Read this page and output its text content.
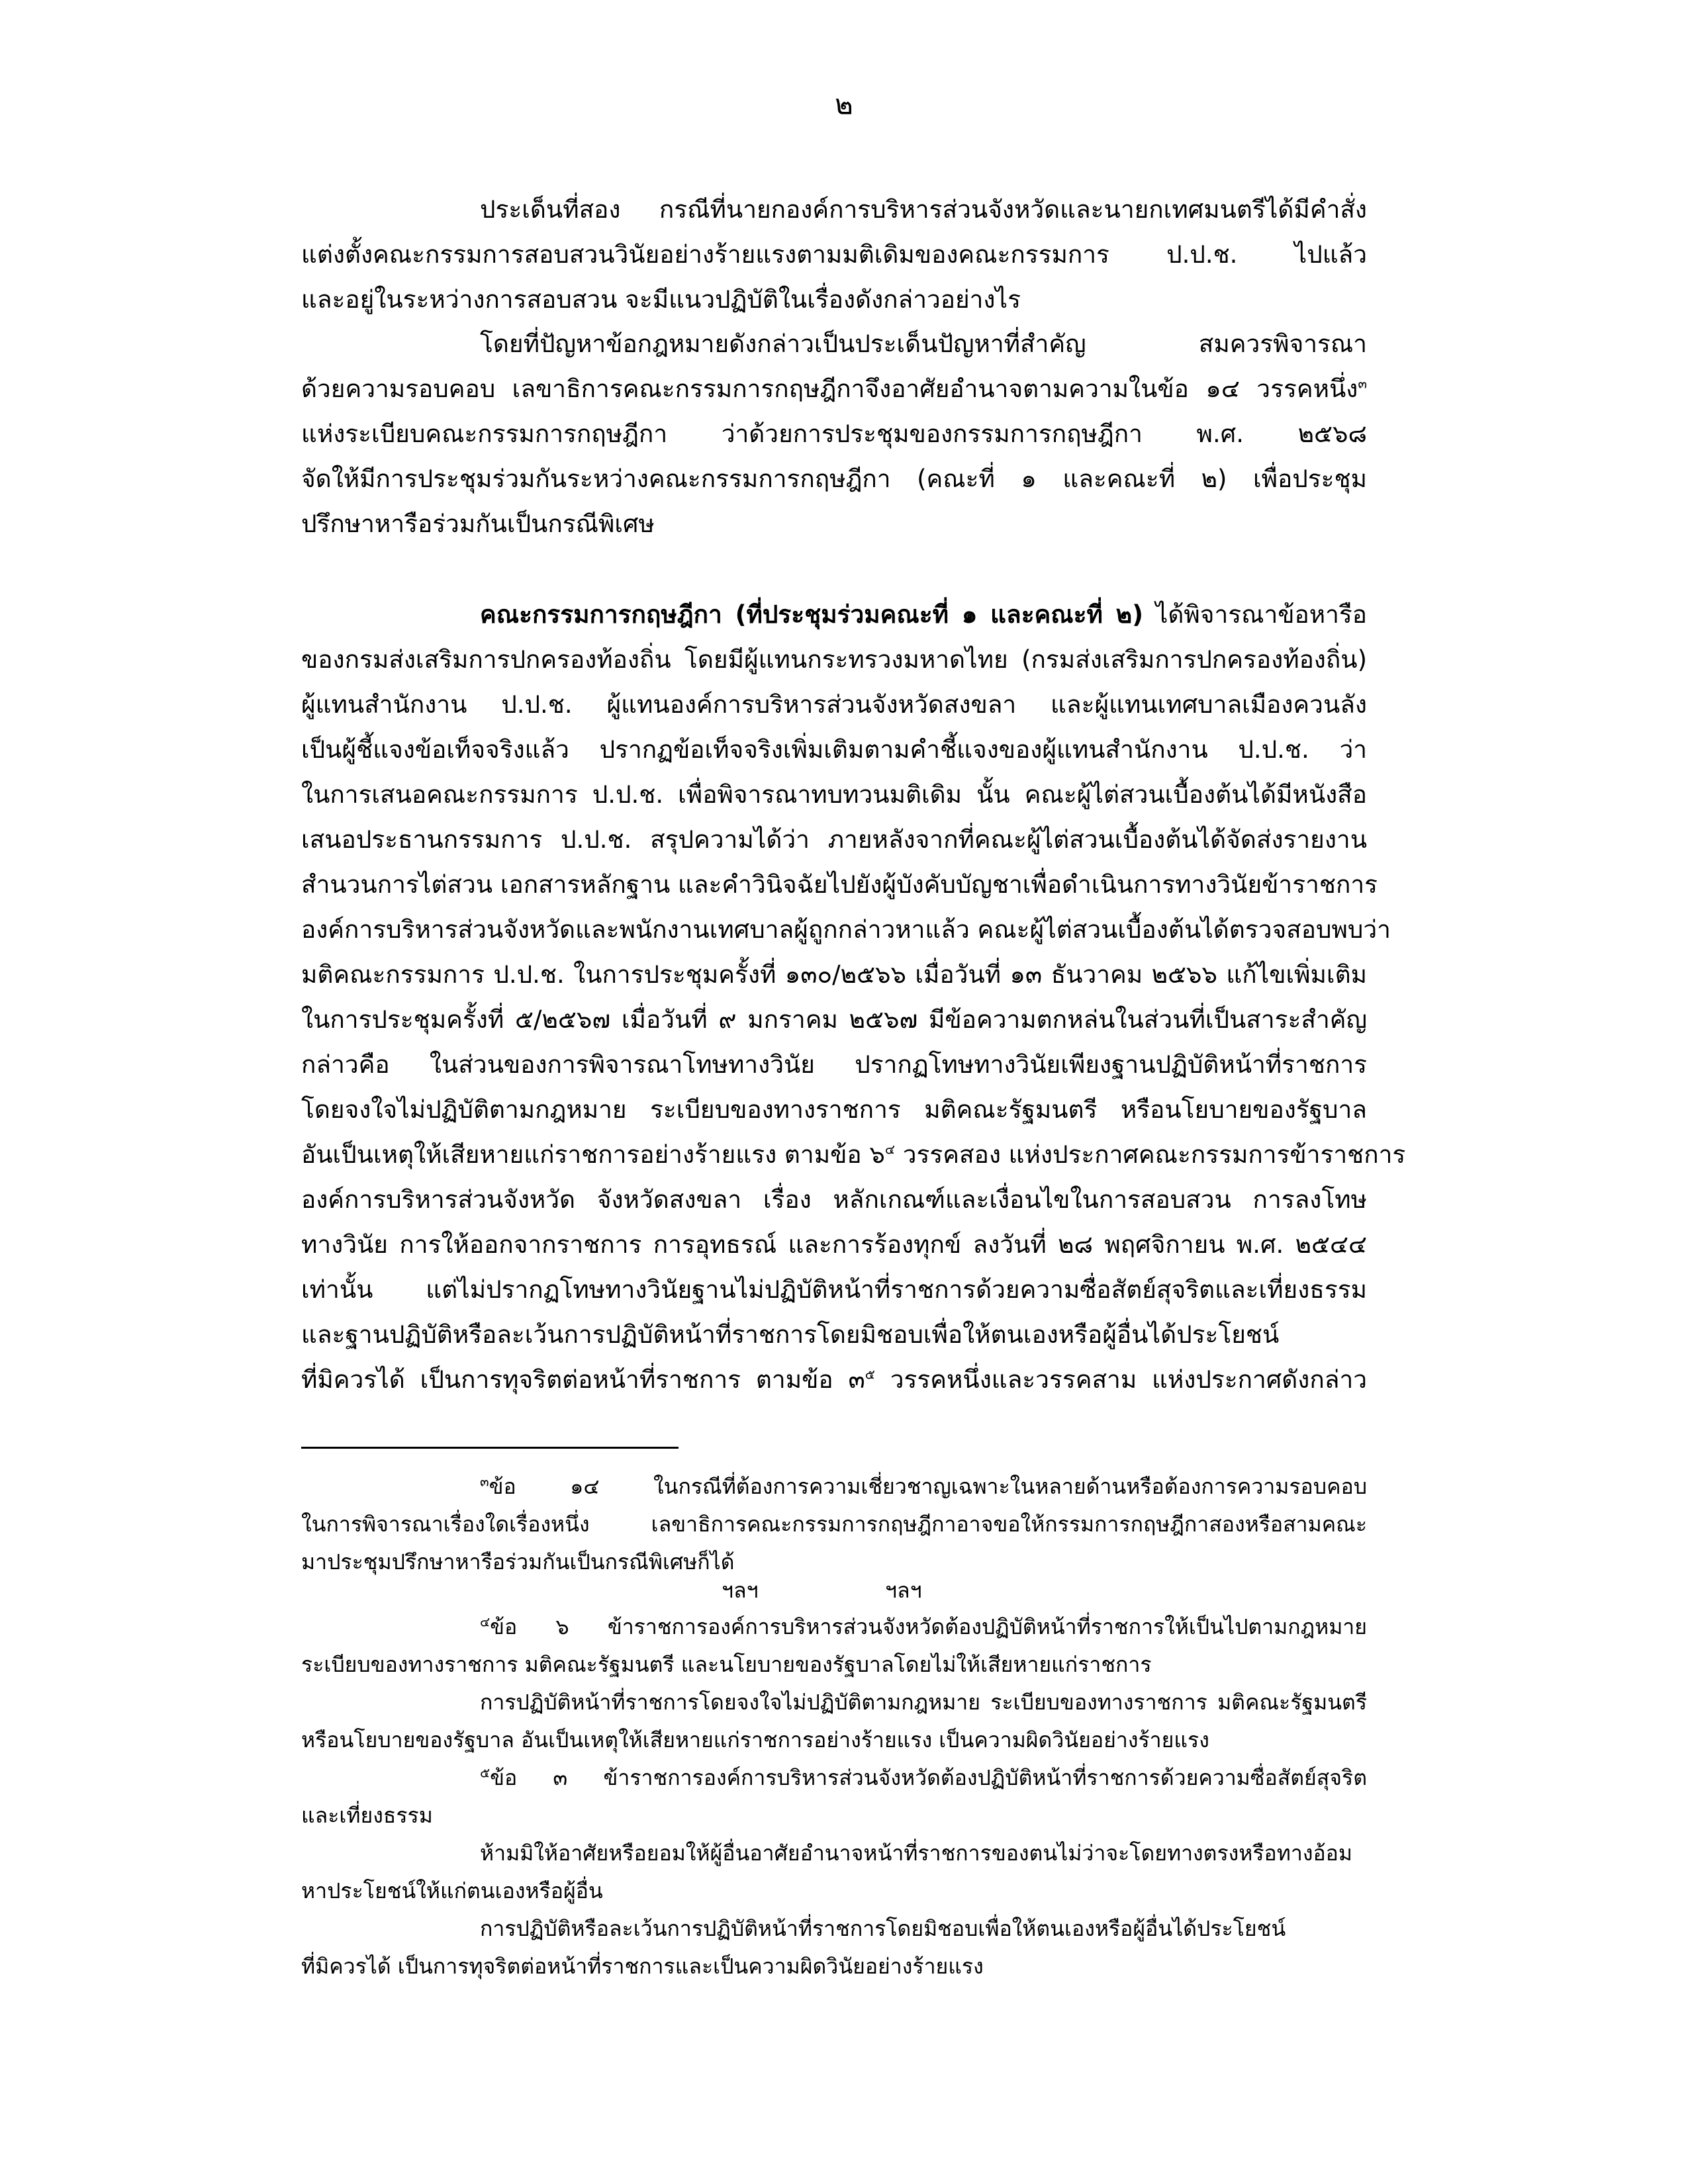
๒
ประเด็นที่สอง กรณีที่นายกองค์การบริหารส่วนจังหวัดและนายกเทศมนตรีได้มีคำสั่ง
แต่งตั้งคณะกรรมการสอบสวนวินัยอย่างร้ายแรงตามมติเดิมของคณะกรรมการ ป.ป.ช. ไปแล้ว
และอยู่ในระหว่างการสอบสวน จะมีแนวปฏิบัติในเรื่องดังกล่าวอย่างไร
โดยที่ปัญหาข้อกฎหมายดังกล่าวเป็นประเด็นปัญหาที่สำคัญ สมควรพิจารณา
ด้วยความรอบคอบ เลขาธิการคณะกรรมการกฤษฎีกาจึงอาศัยอำนาจตามความในข้อ ๑๔ วรรคหนึ่ง$^๓$
แห่งระเบียบคณะกรรมการกฤษฎีกา ว่าด้วยการประชุมของกรรมการกฤษฎีกา พ.ศ. ๒๕๖๘
จัดให้มีการประชุมร่วมกันระหว่างคณะกรรมการกฤษฎีกา (คณะที่ ๑ และคณะที่ ๒) เพื่อประชุม
ปรึกษาหารือร่วมกันเป็นกรณีพิเศษ
คณะกรรมการกฤษฎีกา (ที่ประชุมร่วมคณะที่ ๑ และคณะที่ ๒) ได้พิจารณาข้อหารือ
ของกรมส่งเสริมการปกครองท้องถิ่น โดยมีผู้แทนกระทรวงมหาดไทย (กรมส่งเสริมการปกครองท้องถิ่น)
ผู้แทนสำนักงาน ป.ป.ช. ผู้แทนองค์การบริหารส่วนจังหวัดสงขลา และผู้แทนเทศบาลเมืองควนลัง
เป็นผู้ชี้แจงข้อเท็จจริงแล้ว ปรากฏข้อเท็จจริงเพิ่มเติมตามคำชี้แจงของผู้แทนสำนักงาน ป.ป.ช. ว่า
ในการเสนอคณะกรรมการ ป.ป.ช. เพื่อพิจารณาทบทวนมติเดิม นั้น คณะผู้ไต่สวนเบื้องต้นได้มีหนังสือ
เสนอประธานกรรมการ ป.ป.ช. สรุปความได้ว่า ภายหลังจากที่คณะผู้ไต่สวนเบื้องต้นได้จัดส่งรายงาน
สำนวนการไต่สวน เอกสารหลักฐาน และคำวินิจฉัยไปยังผู้บังคับบัญชาเพื่อดำเนินการทางวินัยข้าราชการ
องค์การบริหารส่วนจังหวัดและพนักงานเทศบาลผู้ถูกกล่าวหาแล้ว คณะผู้ไต่สวนเบื้องต้นได้ตรวจสอบพบว่า
มติคณะกรรมการ ป.ป.ช. ในการประชุมครั้งที่ ๑๓๐/๒๕๖๖ เมื่อวันที่ ๑๓ ธันวาคม ๒๕๖๖ แก้ไขเพิ่มเติม
ในการประชุมครั้งที่ ๕/๒๕๖๗ เมื่อวันที่ ๙ มกราคม ๒๕๖๗ มีข้อความตกหล่นในส่วนที่เป็นสาระสำคัญ
กล่าวคือ ในส่วนของการพิจารณาโทษทางวินัย ปรากฏโทษทางวินัยเพียงฐานปฏิบัติหน้าที่ราชการ
โดยจงใจไม่ปฏิบัติตามกฎหมาย ระเบียบของทางราชการ มติคณะรัฐมนตรี หรือนโยบายของรัฐบาล
อันเป็นเหตุให้เสียหายแก่ราชการอย่างร้ายแรง ตามข้อ ๖$^๔$ วรรคสอง แห่งประกาศคณะกรรมการข้าราชการ
องค์การบริหารส่วนจังหวัด จังหวัดสงขลา เรื่อง หลักเกณฑ์และเงื่อนไขในการสอบสวน การลงโทษ
ทางวินัย การให้ออกจากราชการ การอุทธรณ์ และการร้องทุกข์ ลงวันที่ ๒๘ พฤศจิกายน พ.ศ. ๒๕๔๔
เท่านั้น แต่ไม่ปรากฏโทษทางวินัยฐานไม่ปฏิบัติหน้าที่ราชการด้วยความซื่อสัตย์สุจริตและเที่ยงธรรม
และฐานปฏิบัติหรือละเว้นการปฏิบัติหน้าที่ราชการโดยมิชอบเพื่อให้ตนเองหรือผู้อื่นได้ประโยชน์
ที่มิควรได้ เป็นการทุจริตต่อหน้าที่ราชการ ตามข้อ ๓$^๕$ วรรคหนึ่งและวรรคสาม แห่งประกาศดังกล่าว
$^๓$ข้อ ๑๔ ในกรณีที่ต้องการความเชี่ยวชาญเฉพาะในหลายด้านหรือต้องการความรอบคอบ
ในการพิจารณาเรื่องใดเรื่องหนึ่ง เลขาธิการคณะกรรมการกฤษฎีกาอาจขอให้กรรมการกฤษฎีกาสองหรือสามคณะ
มาประชุมปรึกษาหารือร่วมกันเป็นกรณีพิเศษก็ได้
ฯลฯ	ฯลฯ
$^๔$ข้อ ๖ ข้าราชการองค์การบริหารส่วนจังหวัดต้องปฏิบัติหน้าที่ราชการให้เป็นไปตามกฎหมาย
ระเบียบของทางราชการ มติคณะรัฐมนตรี และนโยบายของรัฐบาลโดยไม่ให้เสียหายแก่ราชการ
การปฏิบัติหน้าที่ราชการโดยจงใจไม่ปฏิบัติตามกฎหมาย ระเบียบของทางราชการ มติคณะรัฐมนตรี
หรือนโยบายของรัฐบาล อันเป็นเหตุให้เสียหายแก่ราชการอย่างร้ายแรง เป็นความผิดวินัยอย่างร้ายแรง
$^๕$ข้อ ๓ ข้าราชการองค์การบริหารส่วนจังหวัดต้องปฏิบัติหน้าที่ราชการด้วยความซื่อสัตย์สุจริต
และเที่ยงธรรม
ห้ามมิให้อาศัยหรือยอมให้ผู้อื่นอาศัยอำนาจหน้าที่ราชการของตนไม่ว่าจะโดยทางตรงหรือทางอ้อม
หาประโยชน์ให้แก่ตนเองหรือผู้อื่น
การปฏิบัติหรือละเว้นการปฏิบัติหน้าที่ราชการโดยมิชอบเพื่อให้ตนเองหรือผู้อื่นได้ประโยชน์
ที่มิควรได้ เป็นการทุจริตต่อหน้าที่ราชการและเป็นความผิดวินัยอย่างร้ายแรง
